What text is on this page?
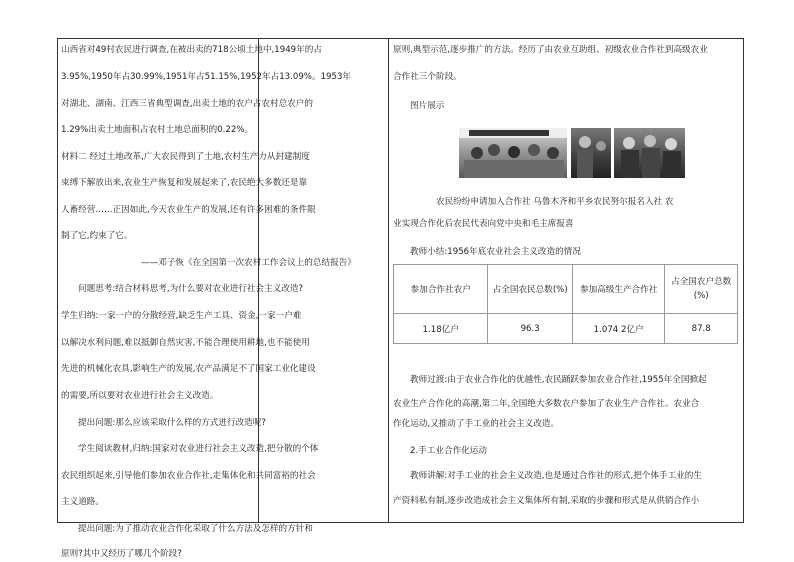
山西省对49村农民进行调查,在被出卖的718公顷土地中,1949年的占

3.95%,1950年占30.99%,1951年占51.15%,1952年占13.09%。1953年

对湖北、湖南、江西三省典型调查,出卖土地的农户占农村总农户的

1.29%出卖土地面积占农村土地总面积的0.22%。

材料二 经过土地改革,广大农民得到了土地,农村生产力从封建制度

束缚下解放出来,农业生产恢复和发展起来了,农民绝大多数还是靠

人畜经营……正因如此,今天农业生产的发展,还有许多困难的条件限

制了它,约束了它。

——邓子恢《在全国第一次农村工作会议上的总结报告》

问题思考:结合材料思考,为什么要对农业进行社会主义改造?

学生归纳:一家一户的分散经营,缺乏生产工具、资金,一家一户难

以解决水利问题,难以抵御自然灾害,不能合理使用耕地,也不能使用

先进的机械化农具,影响生产的发展,农产品满足不了国家工业化建设

的需要,所以要对农业进行社会主义改造。

提出问题:那么应该采取什么样的方式进行改造呢?

学生阅读教材,归纳:国家对农业进行社会主义改造,把分散的个体

农民组织起来,引导他们参加农业合作社,走集体化和共同富裕的社会

主义道路。

提出问题:为了推动农业合作化采取了什么方法及怎样的方针和

原则?其中又经历了哪几个阶段?

原则,典型示范,逐步推广的方法。经历了由农业互助组、初级农业合作社到高级农业

合作社三个阶段。

图片展示

农民纷纷申请加入合作社 乌鲁木齐和平乡农民努尔报名入社 农

业实现合作化后农民代表向党中央和毛主席报喜

教师小结:1956年底农业社会主义改造的情况

参加合作社农户	占全国农民总数(%)	参加高级生产合作社	占全国农户总数(%)
1.18亿户	96.3	1.074 2亿户	87.8

教师过渡:由于农业合作化的优越性,农民踊跃参加农业合作社,1955年全国掀起

农业生产合作化的高潮,第二年,全国绝大多数农户参加了农业生产合作社。农业合

作化运动,又推动了手工业的社会主义改造。

2.手工业合作化运动

教师讲解:对手工业的社会主义改造,也是通过合作社的形式,把个体手工业的生

产资料私有制,逐步改造成社会主义集体所有制,采取的步骤和形式是从供销合作小
